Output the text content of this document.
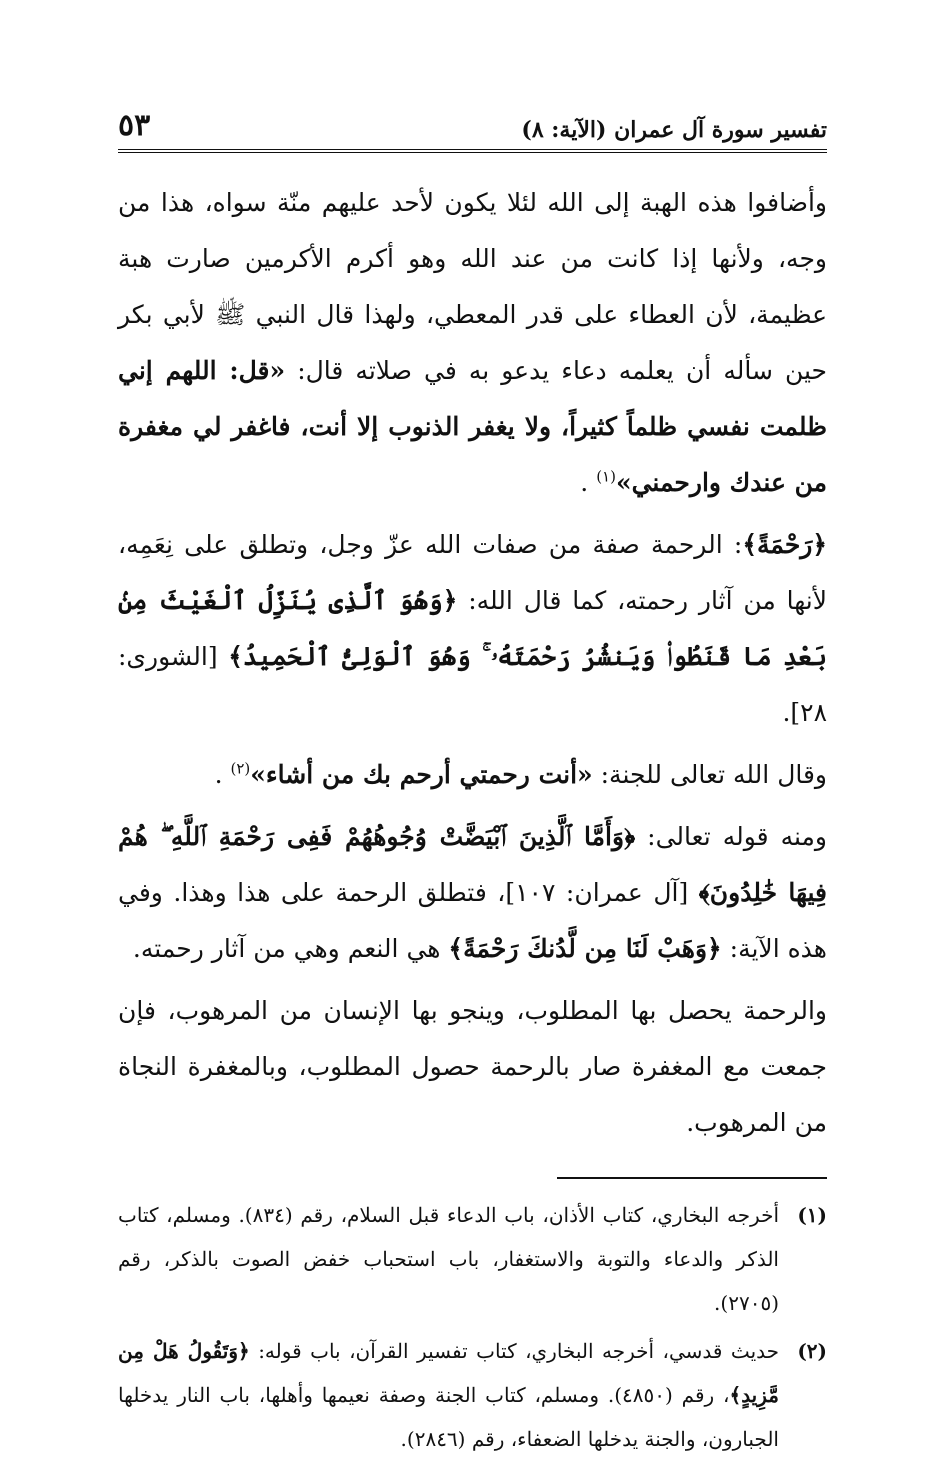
تفسير سورة آل عمران (الآية: ٨)
٥٣

وأضافوا هذه الهبة إلى الله لئلا يكون لأحد عليهم منّة سواه، هذا من وجه، ولأنها إذا كانت من عند الله وهو أكرم الأكرمين صارت هبة عظيمة، لأن العطاء على قدر المعطي، ولهذا قال النبي ﷺ لأبي بكر حين سأله أن يعلمه دعاء يدعو به في صلاته قال: «قل: اللهم إني ظلمت نفسي ظلماً كثيراً، ولا يغفر الذنوب إلا أنت، فاغفر لي مغفرة من عندك وارحمني»$^{(١)}$ .

﴿رَحْمَةً﴾: الرحمة صفة من صفات الله عزّ وجل، وتطلق على نِعَمِه، لأنها من آثار رحمته، كما قال الله: ﴿وَهُوَ ٱلَّذِى يُنَزِّلُ ٱلْغَيْثَ مِنۢ بَعْدِ مَا قَنَطُوا۟ وَيَنشُرُ رَحْمَتَهُۥ ۚ وَهُوَ ٱلْوَلِىُّ ٱلْحَمِيدُ﴾ [الشورى: ٢٨].

وقال الله تعالى للجنة: «أنت رحمتي أرحم بك من أشاء»$^{(٢)}$ .

ومنه قوله تعالى: ﴿وَأَمَّا ٱلَّذِينَ ٱبْيَضَّتْ وُجُوهُهُمْ فَفِى رَحْمَةِ ٱللَّهِ ۖ هُمْ فِيهَا خَٰلِدُونَ﴾ [آل عمران: ١٠٧]، فتطلق الرحمة على هذا وهذا. وفي هذه الآية: ﴿وَهَبْ لَنَا مِن لَّدُنكَ رَحْمَةً﴾ هي النعم وهي من آثار رحمته.

والرحمة يحصل بها المطلوب، وينجو بها الإنسان من المرهوب، فإن جمعت مع المغفرة صار بالرحمة حصول المطلوب، وبالمغفرة النجاة من المرهوب.

(١)
أخرجه البخاري، كتاب الأذان، باب الدعاء قبل السلام، رقم (٨٣٤). ومسلم، كتاب الذكر والدعاء والتوبة والاستغفار، باب استحباب خفض الصوت بالذكر، رقم (٢٧٠٥).
(٢)
حديث قدسي، أخرجه البخاري، كتاب تفسير القرآن، باب قوله: ﴿وَتَقُولُ هَلْ مِن مَّزِيدٍ﴾، رقم (٤٨٥٠). ومسلم، كتاب الجنة وصفة نعيمها وأهلها، باب النار يدخلها الجبارون، والجنة يدخلها الضعفاء، رقم (٢٨٤٦).
